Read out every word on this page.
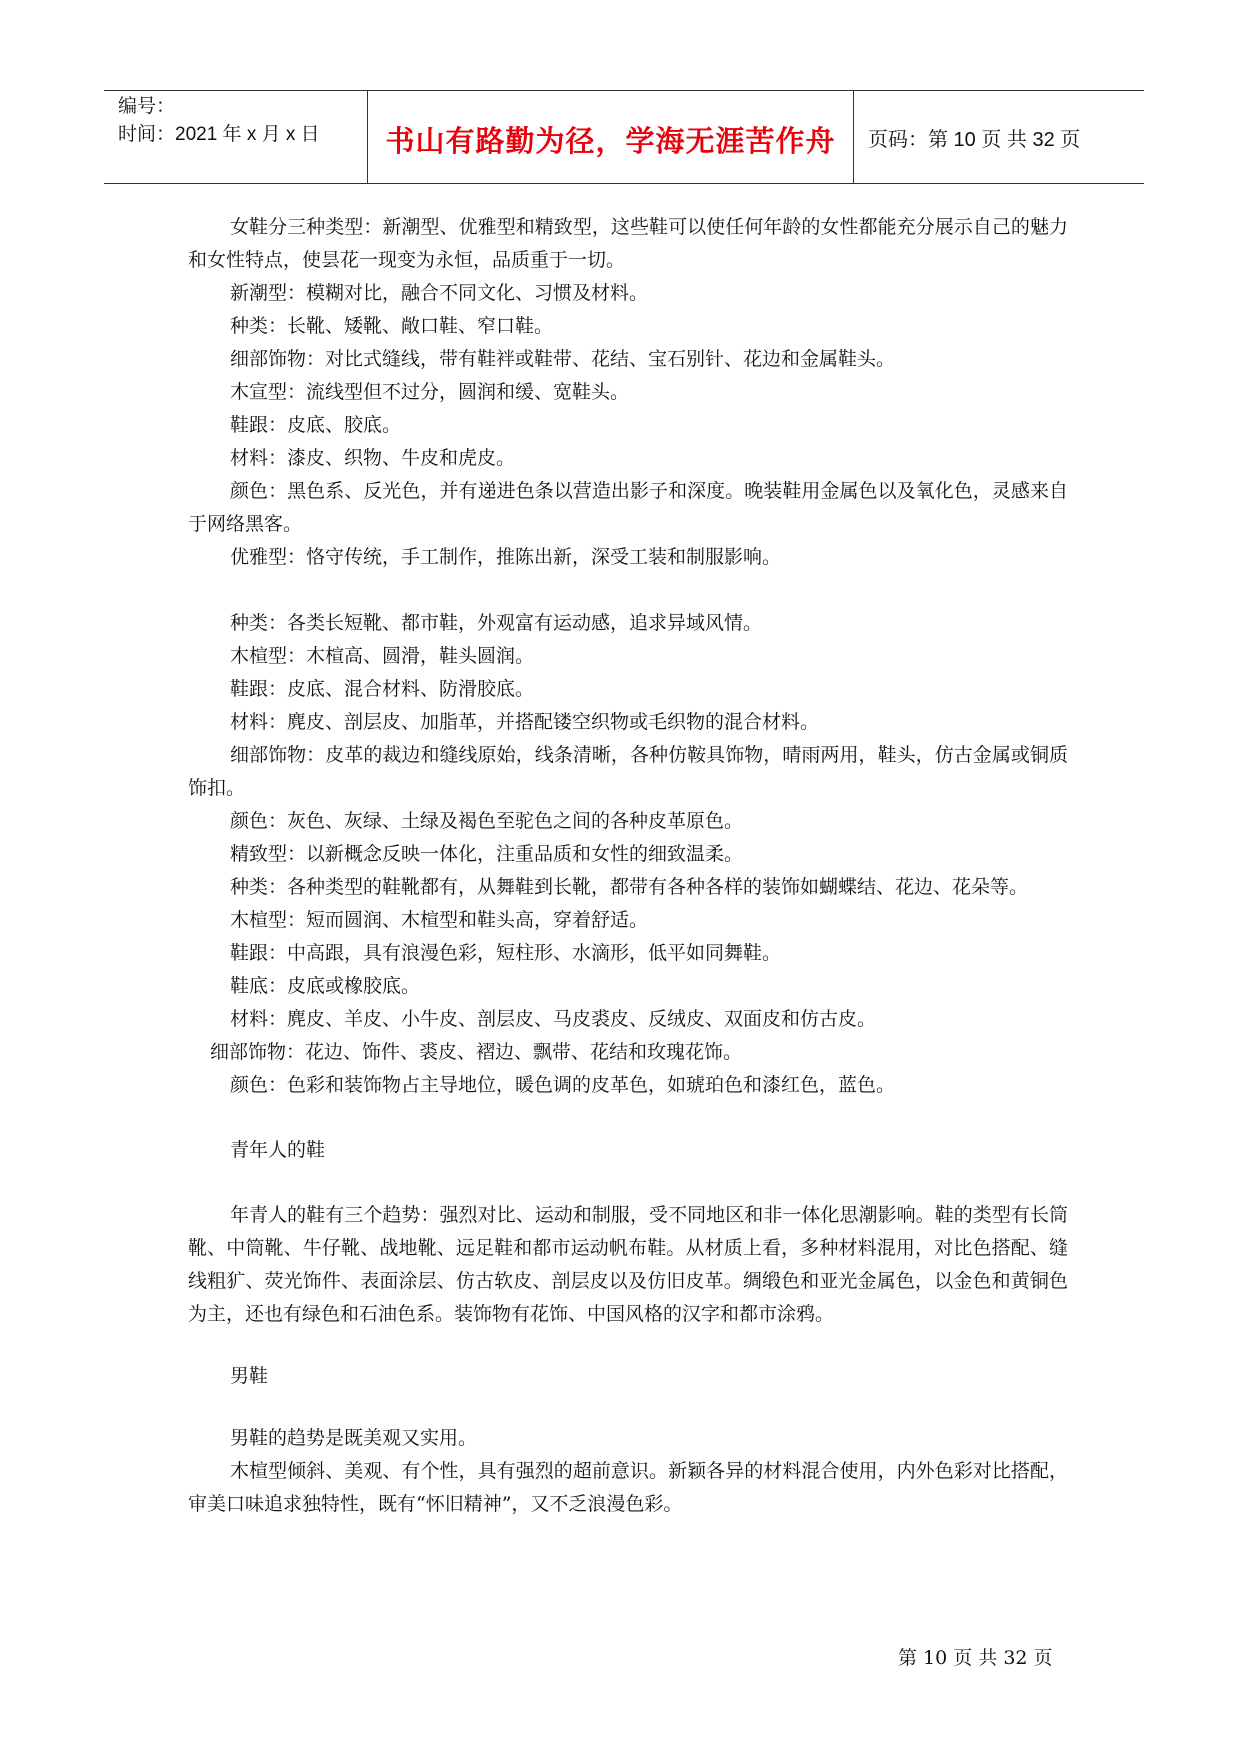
编号：
时间：2021 年 x 月 x 日	书山有路勤为径，学海无涯苦作舟	页码：第 10 页 共 32 页

女鞋分三种类型：新潮型、优雅型和精致型，这些鞋可以使任何年龄的女性都能充分展示自己的魅力和女性特点，使昙花一现变为永恒，品质重于一切。

新潮型：模糊对比，融合不同文化、习惯及材料。

种类：长靴、矮靴、敞口鞋、窄口鞋。

细部饰物：对比式缝线，带有鞋袢或鞋带、花结、宝石别针、花边和金属鞋头。

木宣型：流线型但不过分，圆润和缓、宽鞋头。

鞋跟：皮底、胶底。

材料：漆皮、织物、牛皮和虎皮。

颜色：黑色系、反光色，并有递进色条以营造出影子和深度。晚装鞋用金属色以及氧化色，灵感来自于网络黑客。

优雅型：恪守传统，手工制作，推陈出新，深受工装和制服影响。

种类：各类长短靴、都市鞋，外观富有运动感，追求异域风情。

木楦型：木楦高、圆滑，鞋头圆润。

鞋跟：皮底、混合材料、防滑胶底。

材料：麂皮、剖层皮、加脂革，并搭配镂空织物或毛织物的混合材料。

细部饰物：皮革的裁边和缝线原始，线条清晰，各种仿鞍具饰物，晴雨两用，鞋头，仿古金属或铜质饰扣。

颜色：灰色、灰绿、土绿及褐色至驼色之间的各种皮革原色。

精致型：以新概念反映一体化，注重品质和女性的细致温柔。

种类：各种类型的鞋靴都有，从舞鞋到长靴，都带有各种各样的装饰如蝴蝶结、花边、花朵等。

木楦型：短而圆润、木楦型和鞋头高，穿着舒适。

鞋跟：中高跟，具有浪漫色彩，短柱形、水滴形，低平如同舞鞋。

鞋底：皮底或橡胶底。

材料：麂皮、羊皮、小牛皮、剖层皮、马皮裘皮、反绒皮、双面皮和仿古皮。

细部饰物：花边、饰件、裘皮、褶边、飘带、花结和玫瑰花饰。

颜色：色彩和装饰物占主导地位，暖色调的皮革色，如琥珀色和漆红色，蓝色。

青年人的鞋

年青人的鞋有三个趋势：强烈对比、运动和制服，受不同地区和非一体化思潮影响。鞋的类型有长筒靴、中筒靴、牛仔靴、战地靴、远足鞋和都市运动帆布鞋。从材质上看，多种材料混用，对比色搭配、缝线粗犷、荧光饰件、表面涂层、仿古软皮、剖层皮以及仿旧皮革。绸缎色和亚光金属色，以金色和黄铜色为主，还也有绿色和石油色系。装饰物有花饰、中国风格的汉字和都市涂鸦。

男鞋

男鞋的趋势是既美观又实用。

木楦型倾斜、美观、有个性，具有强烈的超前意识。新颖各异的材料混合使用，内外色彩对比搭配，审美口味追求独特性，既有“怀旧精神”，又不乏浪漫色彩。

第 10 页 共 32 页
